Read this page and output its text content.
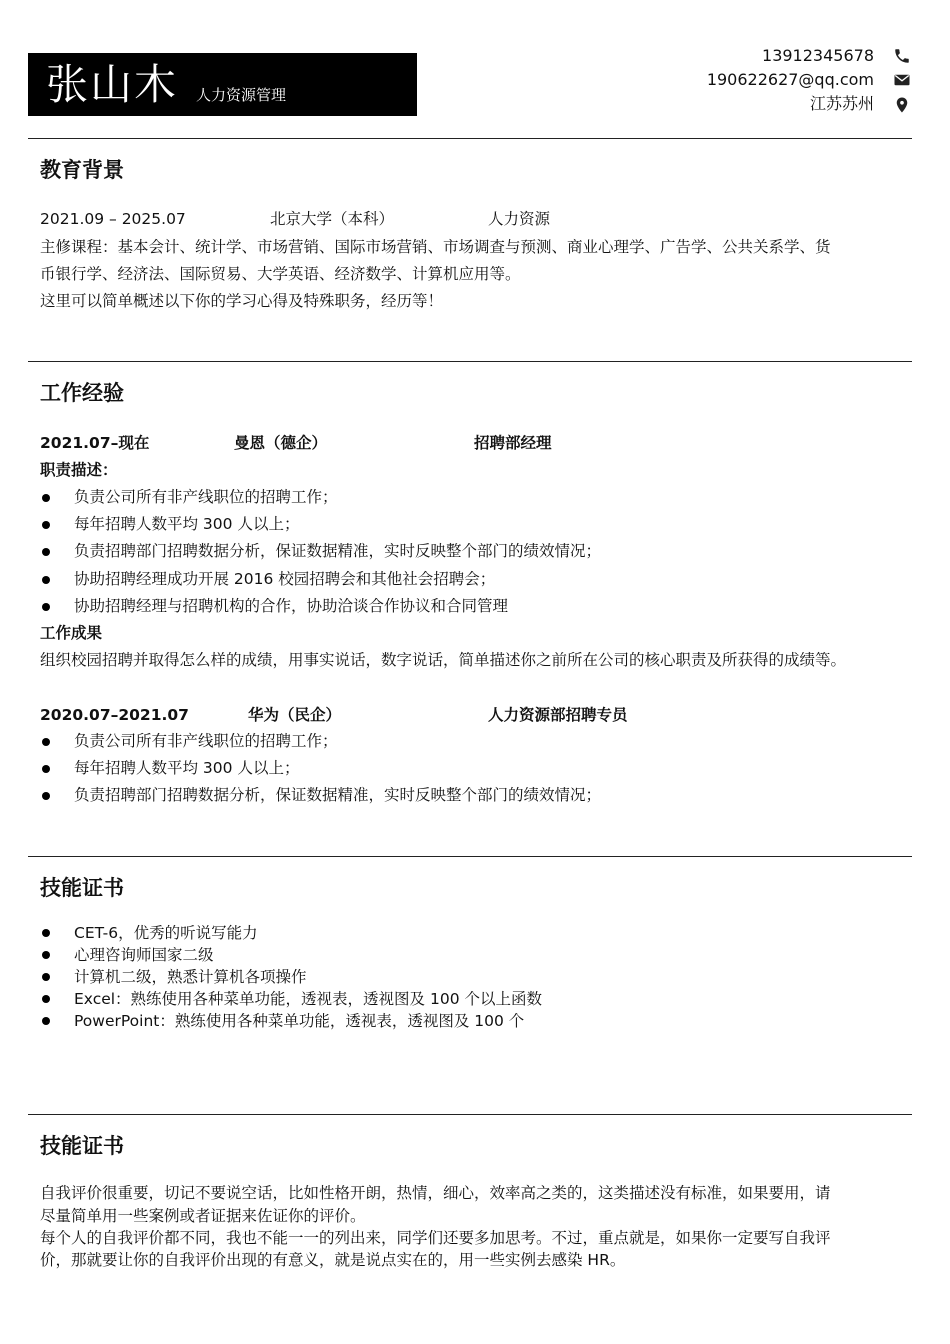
张山木 人力资源管理
13912345678
190622627@qq.com
江苏苏州
教育背景
2021.09 – 2025.07	北京大学（本科）	人力资源
主修课程：基本会计、统计学、市场营销、国际市场营销、市场调查与预测、商业心理学、广告学、公共关系学、货
币银行学、经济法、国际贸易、大学英语、经济数学、计算机应用等。
这里可以简单概述以下你的学习心得及特殊职务，经历等！
工作经验
2021.07–现在	曼恩（德企）	招聘部经理
职责描述：
负责公司所有非产线职位的招聘工作；
每年招聘人数平均 300 人以上；
负责招聘部门招聘数据分析，保证数据精准，实时反映整个部门的绩效情况；
协助招聘经理成功开展 2016 校园招聘会和其他社会招聘会；
协助招聘经理与招聘机构的合作，协助洽谈合作协议和合同管理
工作成果
组织校园招聘并取得怎么样的成绩，用事实说话，数字说话，简单描述你之前所在公司的核心职责及所获得的成绩等。
2020.07–2021.07	华为（民企）	人力资源部招聘专员
负责公司所有非产线职位的招聘工作；
每年招聘人数平均 300 人以上；
负责招聘部门招聘数据分析，保证数据精准，实时反映整个部门的绩效情况；
技能证书
CET-6，优秀的听说写能力
心理咨询师国家二级
计算机二级，熟悉计算机各项操作
Excel：熟练使用各种菜单功能，透视表，透视图及 100 个以上函数
PowerPoint：熟练使用各种菜单功能，透视表，透视图及 100 个
技能证书
自我评价很重要，切记不要说空话，比如性格开朗，热情，细心，效率高之类的，这类描述没有标准，如果要用，请
尽量简单用一些案例或者证据来佐证你的评价。
每个人的自我评价都不同，我也不能一一的列出来，同学们还要多加思考。不过，重点就是，如果你一定要写自我评
价，那就要让你的自我评价出现的有意义，就是说点实在的，用一些实例去感染 HR。
